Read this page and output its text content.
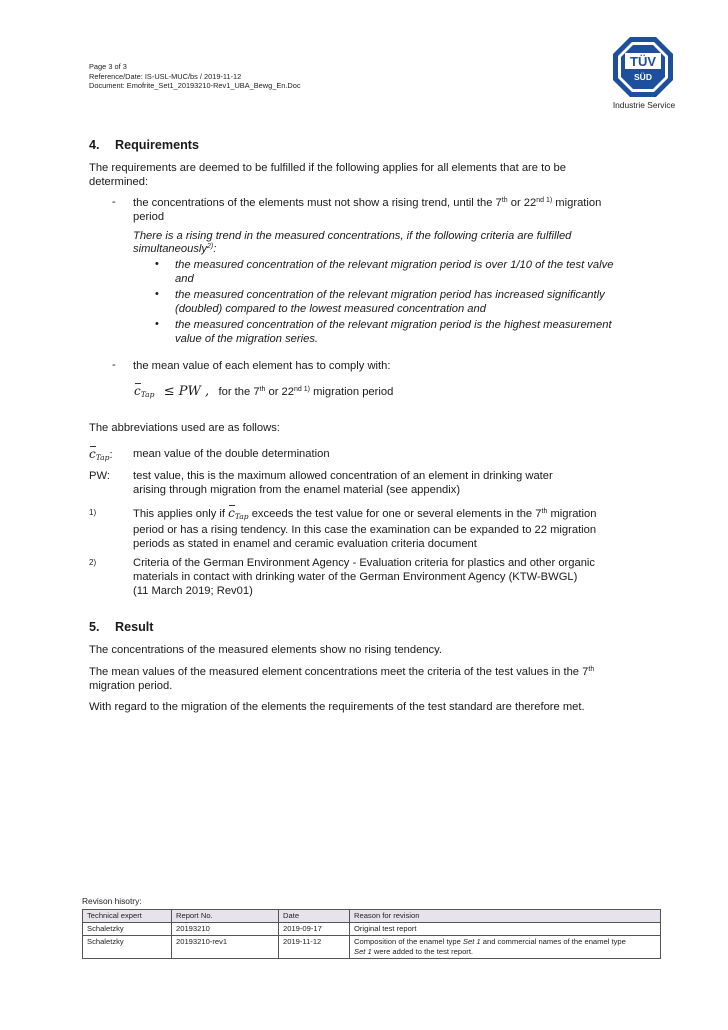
Page 3 of 3
Reference/Date: IS-USL-MUC/bs / 2019-11-12
Document: Emofrite_Set1_20193210-Rev1_UBA_Bewg_En.Doc
TÜV
SÜD
Industrie Service
4. Requirements
The requirements are deemed to be fulfilled if the following applies for all elements that are to be
determined:
- the concentrations of the elements must not show a rising trend, until the 7th or $22^{nd 1)}$ migration
period
There is a rising trend in the measured concentrations, if the following criteria are fulfilled
simultaneously$^{2)}$:
• the measured concentration of the relevant migration period is over 1/10 of the test valve
and
• the measured concentration of the relevant migration period has increased significantly
(doubled) compared to the lowest measured concentration and
• the measured concentration of the relevant migration period is the highest measurement
value of the migration series.
- the mean value of each element has to comply with:
$c_{Tap}$ ≤ PW , for the 7th or $22^{nd 1)}$ migration period
The abbreviations used are as follows:
$c_{Tap}$: mean value of the double determination
PW: test value, this is the maximum allowed concentration of an element in drinking water
arising through migration from the enamel material (see appendix)
1)	This applies only if $c_{Tap}$ exceeds the test value for one or several elements in the 7th migration
period or has a rising tendency. In this case the examination can be expanded to 22 migration
periods as stated in enamel and ceramic evaluation criteria document
2)	Criteria of the German Environment Agency - Evaluation criteria for plastics and other organic
materials in contact with drinking water of the German Environment Agency (KTW-BWGL)
(11 March 2019; Rev01)
5. Result
The concentrations of the measured elements show no rising tendency.
The mean values of the measured element concentrations meet the criteria of the test values in the 7th
migration period.
With regard to the migration of the elements the requirements of the test standard are therefore met.
Revison hisotry:
Technical expert	Report No.	Date	Reason for revision
Schaletzky	20193210	2019-09-17	Original test report
Schaletzky	20193210-rev1	2019-11-12	Composition of the enamel type Set 1 and commercial names of the enamel type
Set 1 were added to the test report.
